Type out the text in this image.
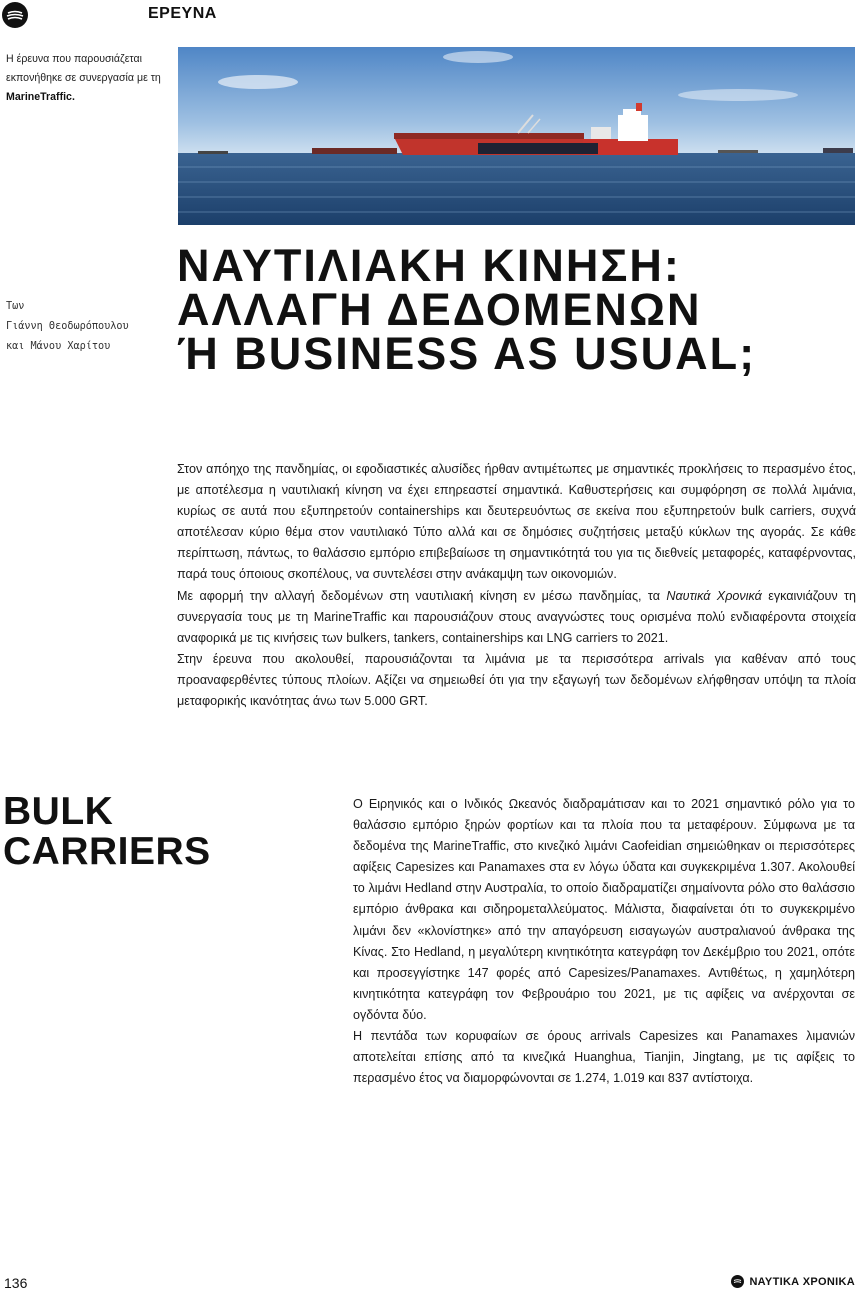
ΕΡΕΥΝΑ
Η έρευνα που παρουσιάζεται εκπονήθηκε σε συνεργασία με τη MarineTraffic.
Των
Γιάννη Θεοδωρόπουλου
και Μάνου Χαρίτου
ΝΑΥΤΙΛΙΑΚΗ ΚΙΝΗΣΗ:
ΑΛΛΑΓΗ ΔΕΔΟΜΕΝΩΝ
Ή BUSINESS AS USUAL;

Στον απόηχο της πανδημίας, οι εφοδιαστικές αλυσίδες ήρθαν αντιμέτωπες με σημαντικές προκλήσεις το περασμένο έτος, με αποτέλεσμα η ναυτιλιακή κίνηση να έχει επηρεαστεί σημαντικά. Καθυστερήσεις και συμφόρηση σε πολλά λιμάνια, κυρίως σε αυτά που εξυπηρετούν containerships και δευτερευόντως σε εκείνα που εξυπηρετούν bulk carriers, συχνά αποτέλεσαν κύριο θέμα στον ναυτιλιακό Τύπο αλλά και σε δημόσιες συζητήσεις μεταξύ κύκλων της αγοράς. Σε κάθε περίπτωση, πάντως, το θαλάσσιο εμπόριο επιβεβαίωσε τη σημαντικότητά του για τις διεθνείς μεταφορές, καταφέρνοντας, παρά τους όποιους σκοπέλους, να συντελέσει στην ανάκαμψη των οικονομιών.

Με αφορμή την αλλαγή δεδομένων στη ναυτιλιακή κίνηση εν μέσω πανδημίας, τα Ναυτικά Χρονικά εγκαινιάζουν τη συνεργασία τους με τη MarineTraffic και παρουσιάζουν στους αναγνώστες τους ορισμένα πολύ ενδιαφέροντα στοιχεία αναφορικά με τις κινήσεις των bulkers, tankers, containerships και LNG carriers το 2021.

Στην έρευνα που ακολουθεί, παρουσιάζονται τα λιμάνια με τα περισσότερα arrivals για καθέναν από τους προαναφερθέντες τύπους πλοίων. Αξίζει να σημειωθεί ότι για την εξαγωγή των δεδομένων ελήφθησαν υπόψη τα πλοία μεταφορικής ικανότητας άνω των 5.000 GRT.

BULK
CARRIERS

Ο Ειρηνικός και ο Ινδικός Ωκεανός διαδραμάτισαν και το 2021 σημαντικό ρόλο για το θαλάσσιο εμπόριο ξηρών φορτίων και τα πλοία που τα μεταφέρουν. Σύμφωνα με τα δεδομένα της MarineTraffic, στο κινεζικό λιμάνι Caofeidian σημειώθηκαν οι περισσότερες αφίξεις Capesizes και Panamaxes στα εν λόγω ύδατα και συγκεκριμένα 1.307. Ακολουθεί το λιμάνι Hedland στην Αυστραλία, το οποίο διαδραματίζει σημαίνοντα ρόλο στο θαλάσσιο εμπόριο άνθρακα και σιδηρομεταλλεύματος. Μάλιστα, διαφαίνεται ότι το συγκεκριμένο λιμάνι δεν «κλονίστηκε» από την απαγόρευση εισαγωγών αυστραλιανού άνθρακα της Κίνας. Στο Hedland, η μεγαλύτερη κινητικότητα κατεγράφη τον Δεκέμβριο του 2021, οπότε και προσεγγίστηκε 147 φορές από Capesizes/Panamaxes. Αντιθέτως, η χαμηλότερη κινητικότητα κατεγράφη τον Φεβρουάριο του 2021, με τις αφίξεις να ανέρχονται σε ογδόντα δύο.

Η πεντάδα των κορυφαίων σε όρους arrivals Capesizes και Panamaxes λιμανιών αποτελείται επίσης από τα κινεζικά Huanghua, Tianjin, Jingtang, με τις αφίξεις το περασμένο έτος να διαμορφώνονται σε 1.274, 1.019 και 837 αντίστοιχα.

136	ΝΑΥΤΙΚΑ ΧΡΟΝΙΚΑ
